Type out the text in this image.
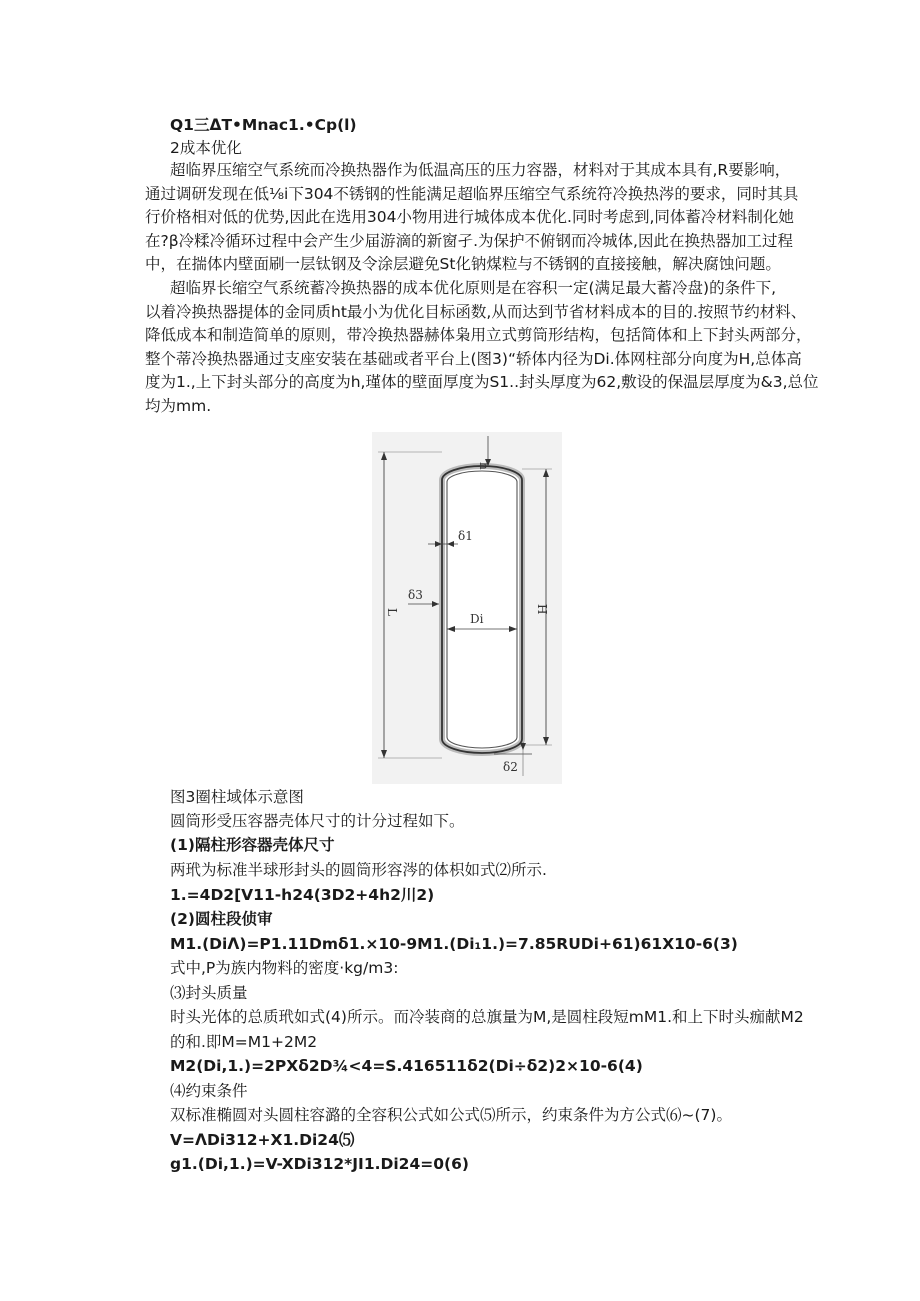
Q1三ΔT•Mnac1.•Cp(l)
2成本优化
超临界压缩空气系统而冷换热器作为低温高压的压力容器，材料对于其成本具有,R要影响，
通过调研发现在低⅛i下304不锈钢的性能满足超临界压缩空气系统符冷换热涔的要求，同时其具
行价格相对低的优势,因此在选用304小物用进行城体成本优化.同时考虑到,同体蓄冷材料制化她
在?β冷糅冷循环过程中会产生少届游滴的新窗孑.为保护不俯钢而冷城体,因此在换热器加工过程
中，在揣体内壁面刷一层钛钢及令涂层避免St化钠煤粒与不锈钢的直接接触，解决腐蚀问题。
超临界长缩空气系统蓄冷换热器的成本优化原则是在容积一定(满足最大蓄冷盘)的条件下,
以着冷换热器提体的金同质ht最小为优化目标函数,从而达到节省材料成本的目的.按照节约材料、
降低成本和制造简单的原则，带冷换热器赫体枭用立式剪筒形结构，包括简体和上下封头两部分，
整个蒂冷换热器通过支座安装在基础或者平台上(图3)“轿体内径为Di.体网柱部分向度为H,总体高
度为1.,上下封头部分的高度为h,瑾体的壁面厚度为S1..封头厚度为62,敷设的保温层厚度为&3,总位
均为mm.
L	H
h
δ1
δ3
Di
δ2
图3圈柱域体示意图
圆筒形受压容器壳体尺寸的计分过程如下。
(1)隔柱形容器壳体尺寸
两玳为标准半球形封头的圆筒形容涔的体枳如式⑵所示.
1.=4D2[V11-h24(3D2+4h2川2)
(2)圆柱段侦审
M1.(DiΛ)=P1.11Dmδ1.×10-9M1.(Di₁1.)=7.85RUDi+61)61X10-6(3)
式中,P为族内物料的密度·kg/m3:
⑶封头质量
时头光体的总质玳如式(4)所示。而冷装商的总旗量为M,是圆柱段短mM1.和上下时头痂献M2
的和.即M=M1+2M2
M2(Di,1.)=2PXδ2D¾<4=S.416511δ2(Di÷δ2)2×10-6(4)
⑷约束条件
双标准椭圆对头圆柱容潞的全容积公式如公式⑸所示，约束条件为方公式⑹~(7)。
V=ΛDi312+X1.Di24⑸
g1.(Di,1.)=V-XDi312*JI1.Di24=0(6)
